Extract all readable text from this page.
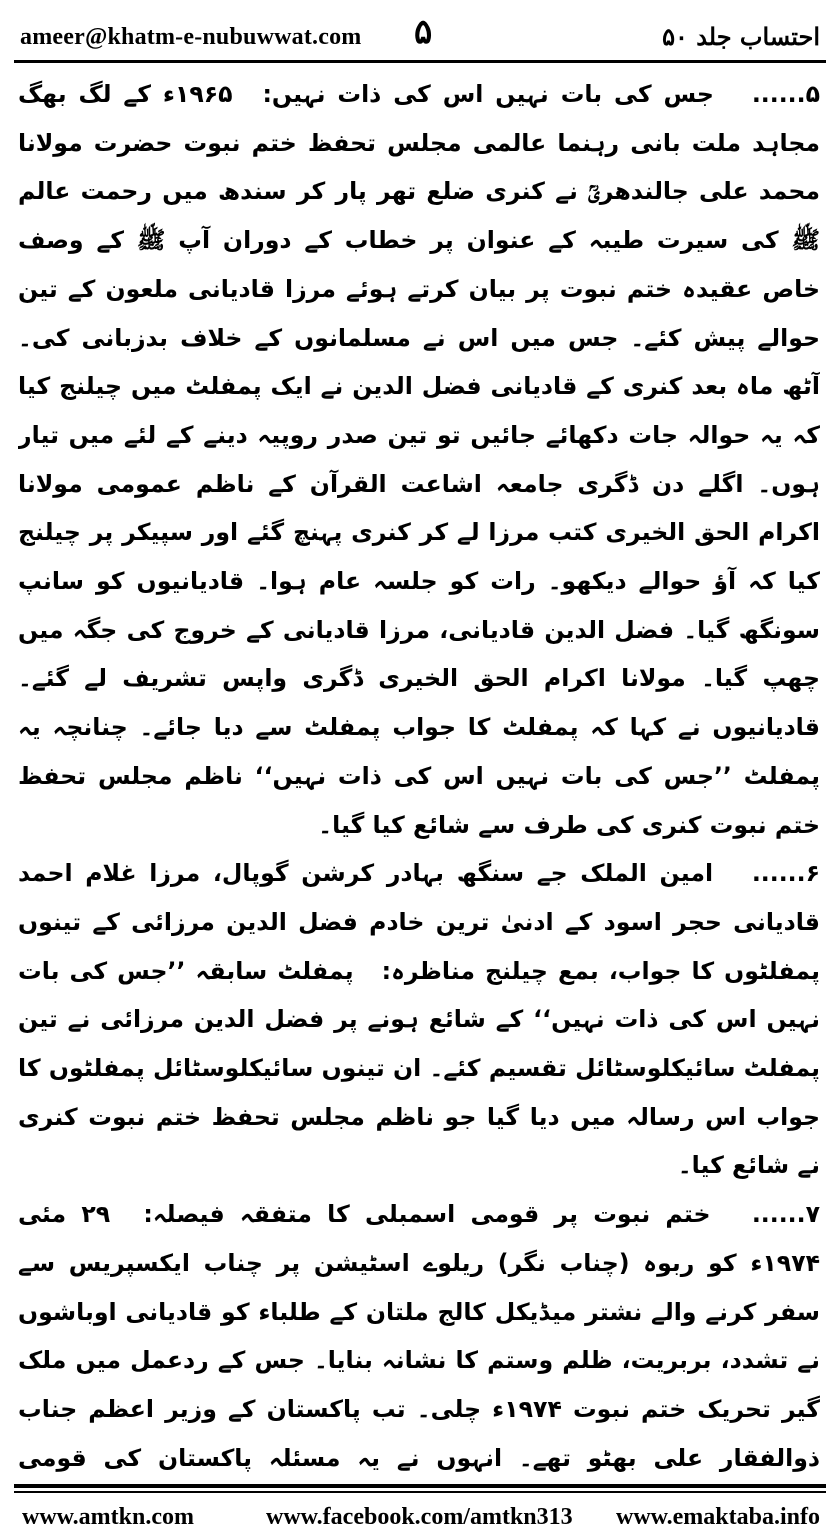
ameer@khatm-e-nubuwwat.com ۵	احتساب جلد ۵۰

۵...... جس کی بات نہیں اس کی ذات نہیں: ۱۹۶۵ء کے لگ بھگ مجاہد ملت بانی رہنما عالمی مجلس تحفظ ختم نبوت حضرت مولانا محمد علی جالندھریؒ نے کنری ضلع تھر پار کر سندھ میں رحمت عالم ﷺ کی سیرت طیبہ کے عنوان پر خطاب کے دوران آپ ﷺ کے وصف خاص عقیدہ ختم نبوت پر بیان کرتے ہوئے مرزا قادیانی ملعون کے تین حوالے پیش کئے۔ جس میں اس نے مسلمانوں کے خلاف بدزبانی کی۔ آٹھ ماہ بعد کنری کے قادیانی فضل الدین نے ایک پمفلٹ میں چیلنج کیا کہ یہ حوالہ جات دکھائے جائیں تو تین صدر روپیہ دینے کے لئے میں تیار ہوں۔ اگلے دن ڈگری جامعہ اشاعت القرآن کے ناظم عمومی مولانا اکرام الحق الخیری کتب مرزا لے کر کنری پہنچ گئے اور سپیکر پر چیلنج کیا کہ آؤ حوالے دیکھو۔ رات کو جلسہ عام ہوا۔ قادیانیوں کو سانپ سونگھ گیا۔ فضل الدین قادیانی، مرزا قادیانی کے خروج کی جگہ میں چھپ گیا۔ مولانا اکرام الحق الخیری ڈگری واپس تشریف لے گئے۔ قادیانیوں نے کہا کہ پمفلٹ کا جواب پمفلٹ سے دیا جائے۔ چنانچہ یہ پمفلٹ ’’جس کی بات نہیں اس کی ذات نہیں‘‘ ناظم مجلس تحفظ ختم نبوت کنری کی طرف سے شائع کیا گیا۔

۶...... امین الملک جے سنگھ بہادر کرشن گوپال، مرزا غلام احمد قادیانی حجر اسود کے ادنیٰ ترین خادم فضل الدین مرزائی کے تینوں پمفلٹوں کا جواب، بمع چیلنج مناظرہ: پمفلٹ سابقہ ’’جس کی بات نہیں اس کی ذات نہیں‘‘ کے شائع ہونے پر فضل الدین مرزائی نے تین پمفلٹ سائیکلوسٹائل تقسیم کئے۔ ان تینوں سائیکلوسٹائل پمفلٹوں کا جواب اس رسالہ میں دیا گیا جو ناظم مجلس تحفظ ختم نبوت کنری نے شائع کیا۔

۷...... ختم نبوت پر قومی اسمبلی کا متفقہ فیصلہ: ۲۹ مئی ۱۹۷۴ء کو ربوہ (چناب نگر) ریلوے اسٹیشن پر چناب ایکسپریس سے سفر کرنے والے نشتر میڈیکل کالج ملتان کے طلباء کو قادیانی اوباشوں نے تشدد، بربریت، ظلم وستم کا نشانہ بنایا۔ جس کے ردعمل میں ملک گیر تحریک ختم نبوت ۱۹۷۴ء چلی۔ تب پاکستان کے وزیر اعظم جناب ذوالفقار علی بھٹو تھے۔ انہوں نے یہ مسئلہ پاکستان کی قومی

www.amtkn.com	www.facebook.com/amtkn313 www.emaktaba.info
